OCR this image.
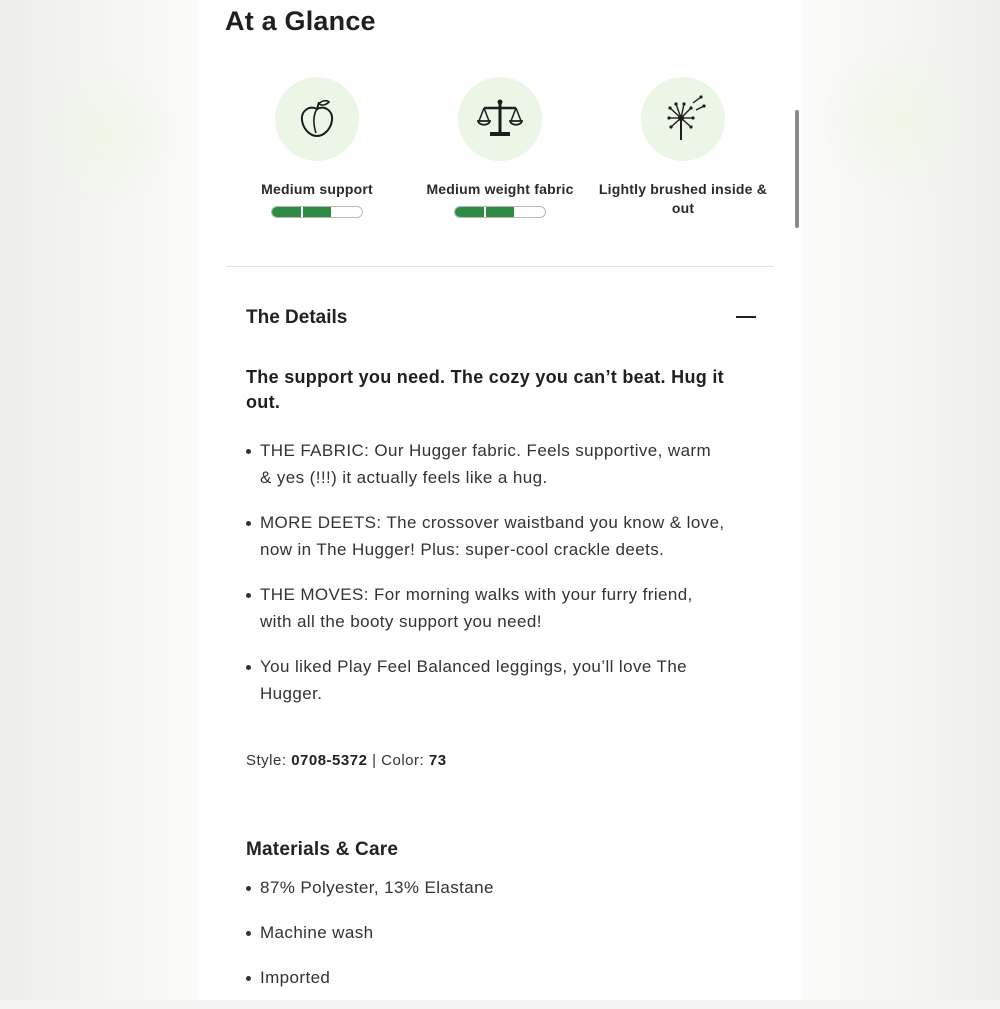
At a Glance
Medium support	Medium weight fabric	Lightly brushed inside & out
The Details
The support you need. The cozy you can’t beat. Hug it out.
THE FABRIC: Our Hugger fabric. Feels supportive, warm & yes (!!!) it actually feels like a hug.
MORE DEETS: The crossover waistband you know & love, now in The Hugger! Plus: super-cool crackle deets.
THE MOVES: For morning walks with your furry friend, with all the booty support you need!
You liked Play Feel Balanced leggings, you’ll love The Hugger.
Style: 0708-5372 | Color: 73
Materials & Care
87% Polyester, 13% Elastane
Machine wash
Imported
